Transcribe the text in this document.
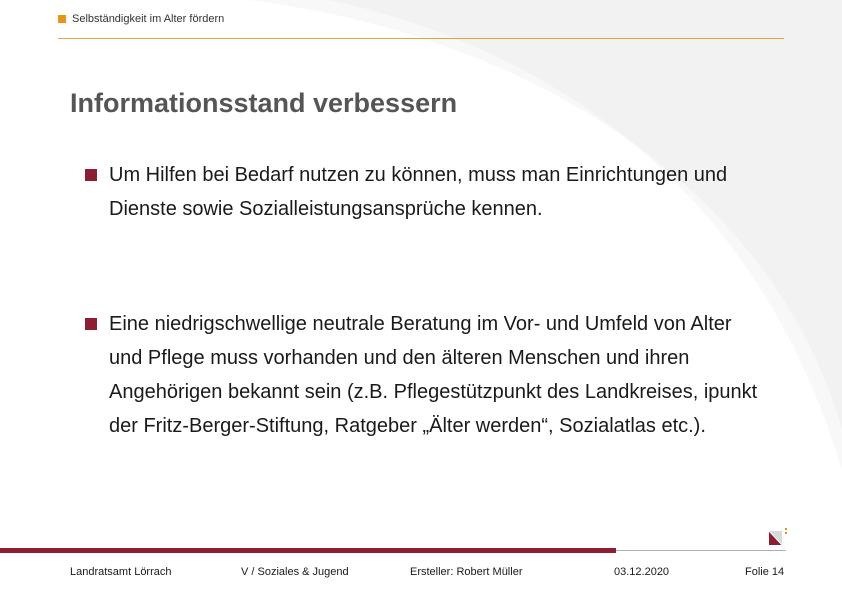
Selbständigkeit im Alter fördern
Informationsstand verbessern
Um Hilfen bei Bedarf nutzen zu können, muss man Einrichtungen und Dienste sowie Sozialleistungsansprüche kennen.
Eine niedrigschwellige neutrale Beratung im Vor- und Umfeld von Alter und Pflege muss vorhanden und den älteren Menschen und ihren Angehörigen bekannt sein (z.B. Pflegestützpunkt des Landkreises, ipunkt der Fritz-Berger-Stiftung, Ratgeber „Älter werden“, Sozialatlas etc.).
Landratsamt Lörrach	V / Soziales & Jugend	Ersteller: Robert Müller	03.12.2020	Folie 14
